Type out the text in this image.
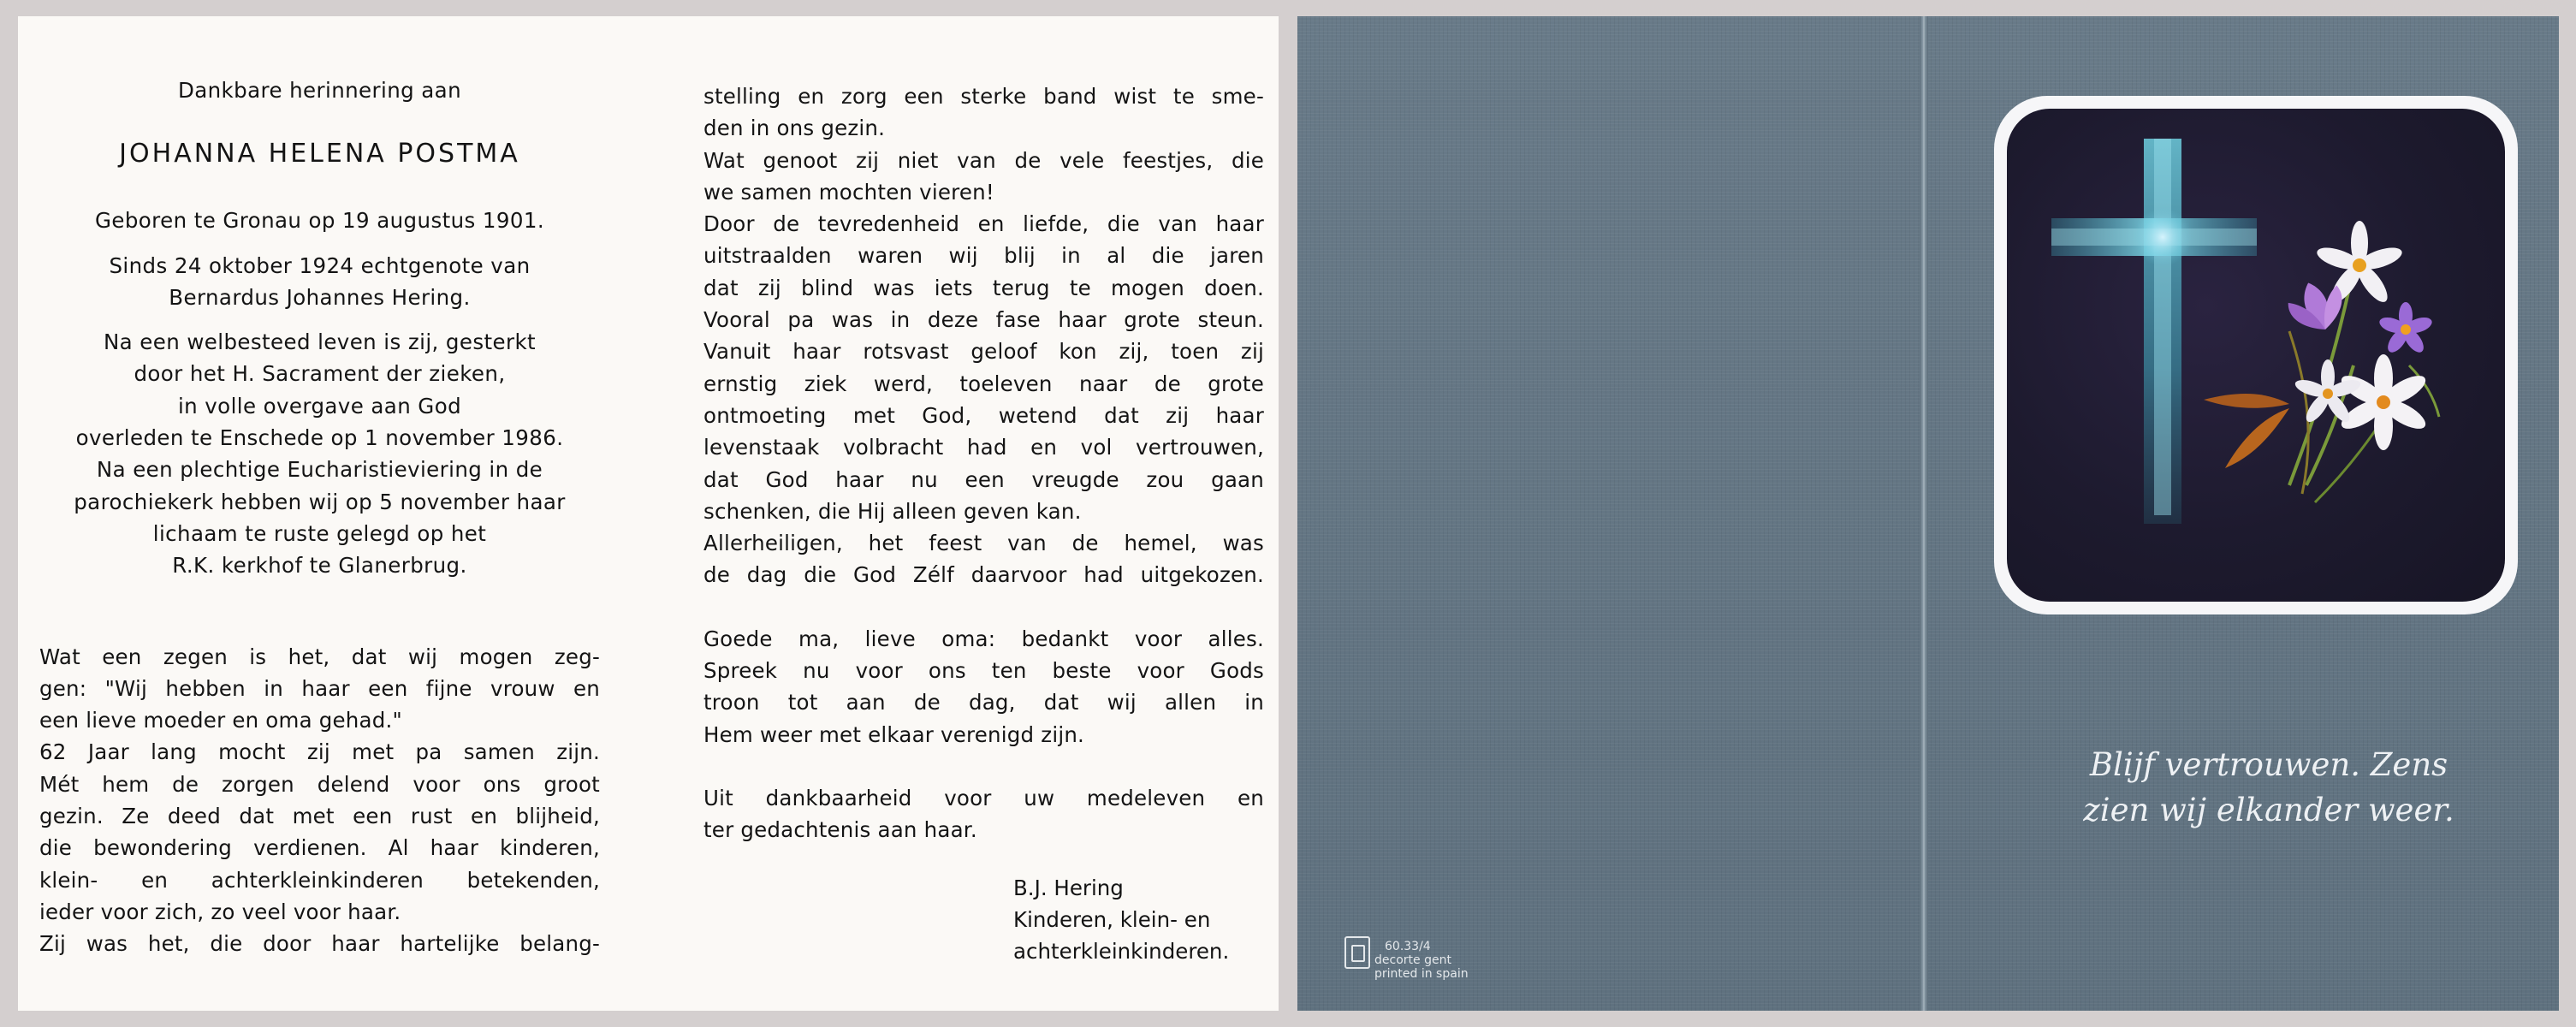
Dankbare herinnering aan

JOHANNA HELENA POSTMA

Geboren te Gronau op 19 augustus 1901.

Sinds 24 oktober 1924 echtgenote van

Bernardus Johannes Hering.

Na een welbesteed leven is zij, gesterkt

door het H. Sacrament der zieken,

in volle overgave aan God

overleden te Enschede op 1 november 1986.

Na een plechtige Eucharistieviering in de

parochiekerk hebben wij op 5 november haar

lichaam te ruste gelegd op het

R.K. kerkhof te Glanerbrug.

Wat een zegen is het, dat wij mogen zeg-

gen: "Wij hebben in haar een fijne vrouw en

een lieve moeder en oma gehad."

62 Jaar lang mocht zij met pa samen zijn.

Mét hem de zorgen delend voor ons groot

gezin. Ze deed dat met een rust en blijheid,

die bewondering verdienen. Al haar kinderen,

klein- en achterkleinkinderen betekenden,

ieder voor zich, zo veel voor haar.

Zij was het, die door haar hartelijke belang-

stelling en zorg een sterke band wist te sme-

den in ons gezin.

Wat genoot zij niet van de vele feestjes, die

we samen mochten vieren!

Door de tevredenheid en liefde, die van haar

uitstraalden waren wij blij in al die jaren

dat zij blind was iets terug te mogen doen.

Vooral pa was in deze fase haar grote steun.

Vanuit haar rotsvast geloof kon zij, toen zij

ernstig ziek werd, toeleven naar de grote

ontmoeting met God, wetend dat zij haar

levenstaak volbracht had en vol vertrouwen,

dat God haar nu een vreugde zou gaan

schenken, die Hij alleen geven kan.

Allerheiligen, het feest van de hemel, was

de dag die God Zélf daarvoor had uitgekozen.

Goede ma, lieve oma: bedankt voor alles.

Spreek nu voor ons ten beste voor Gods

troon tot aan de dag, dat wij allen in

Hem weer met elkaar verenigd zijn.

Uit dankbaarheid voor uw medeleven en

ter gedachtenis aan haar.

B.J. Hering
Kinderen, klein- en
achterkleinkinderen.
Blijf vertrouwen. Zens
zien wij elkander weer.
60.33/4
decorte gent
printed in spain
